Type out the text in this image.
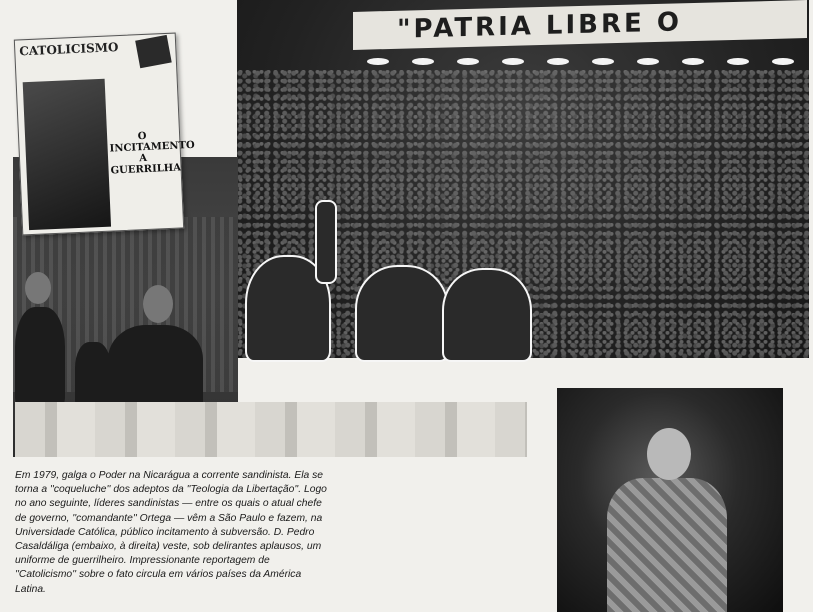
"PATRIA LIBRE O
CATOLICISMO
O INCITAMENTO A GUERRILHA
Em 1979, galga o Poder na Nicarágua a corrente sandinista. Ela se torna a ''coqueluche'' dos adeptos da ''Teologia da Libertação''. Logo no ano seguinte, líderes sandinistas — entre os quais o atual chefe de governo, ''comandante'' Ortega — vêm a São Paulo e fazem, na Universidade Católica, público incitamento à subversão. D. Pedro Casaldáliga (embaixo, à direita) veste, sob delirantes aplausos, um uniforme de guerrilheiro. Impressionante reportagem de ''Catolicismo'' sobre o fato circula em vários países da América Latina.
